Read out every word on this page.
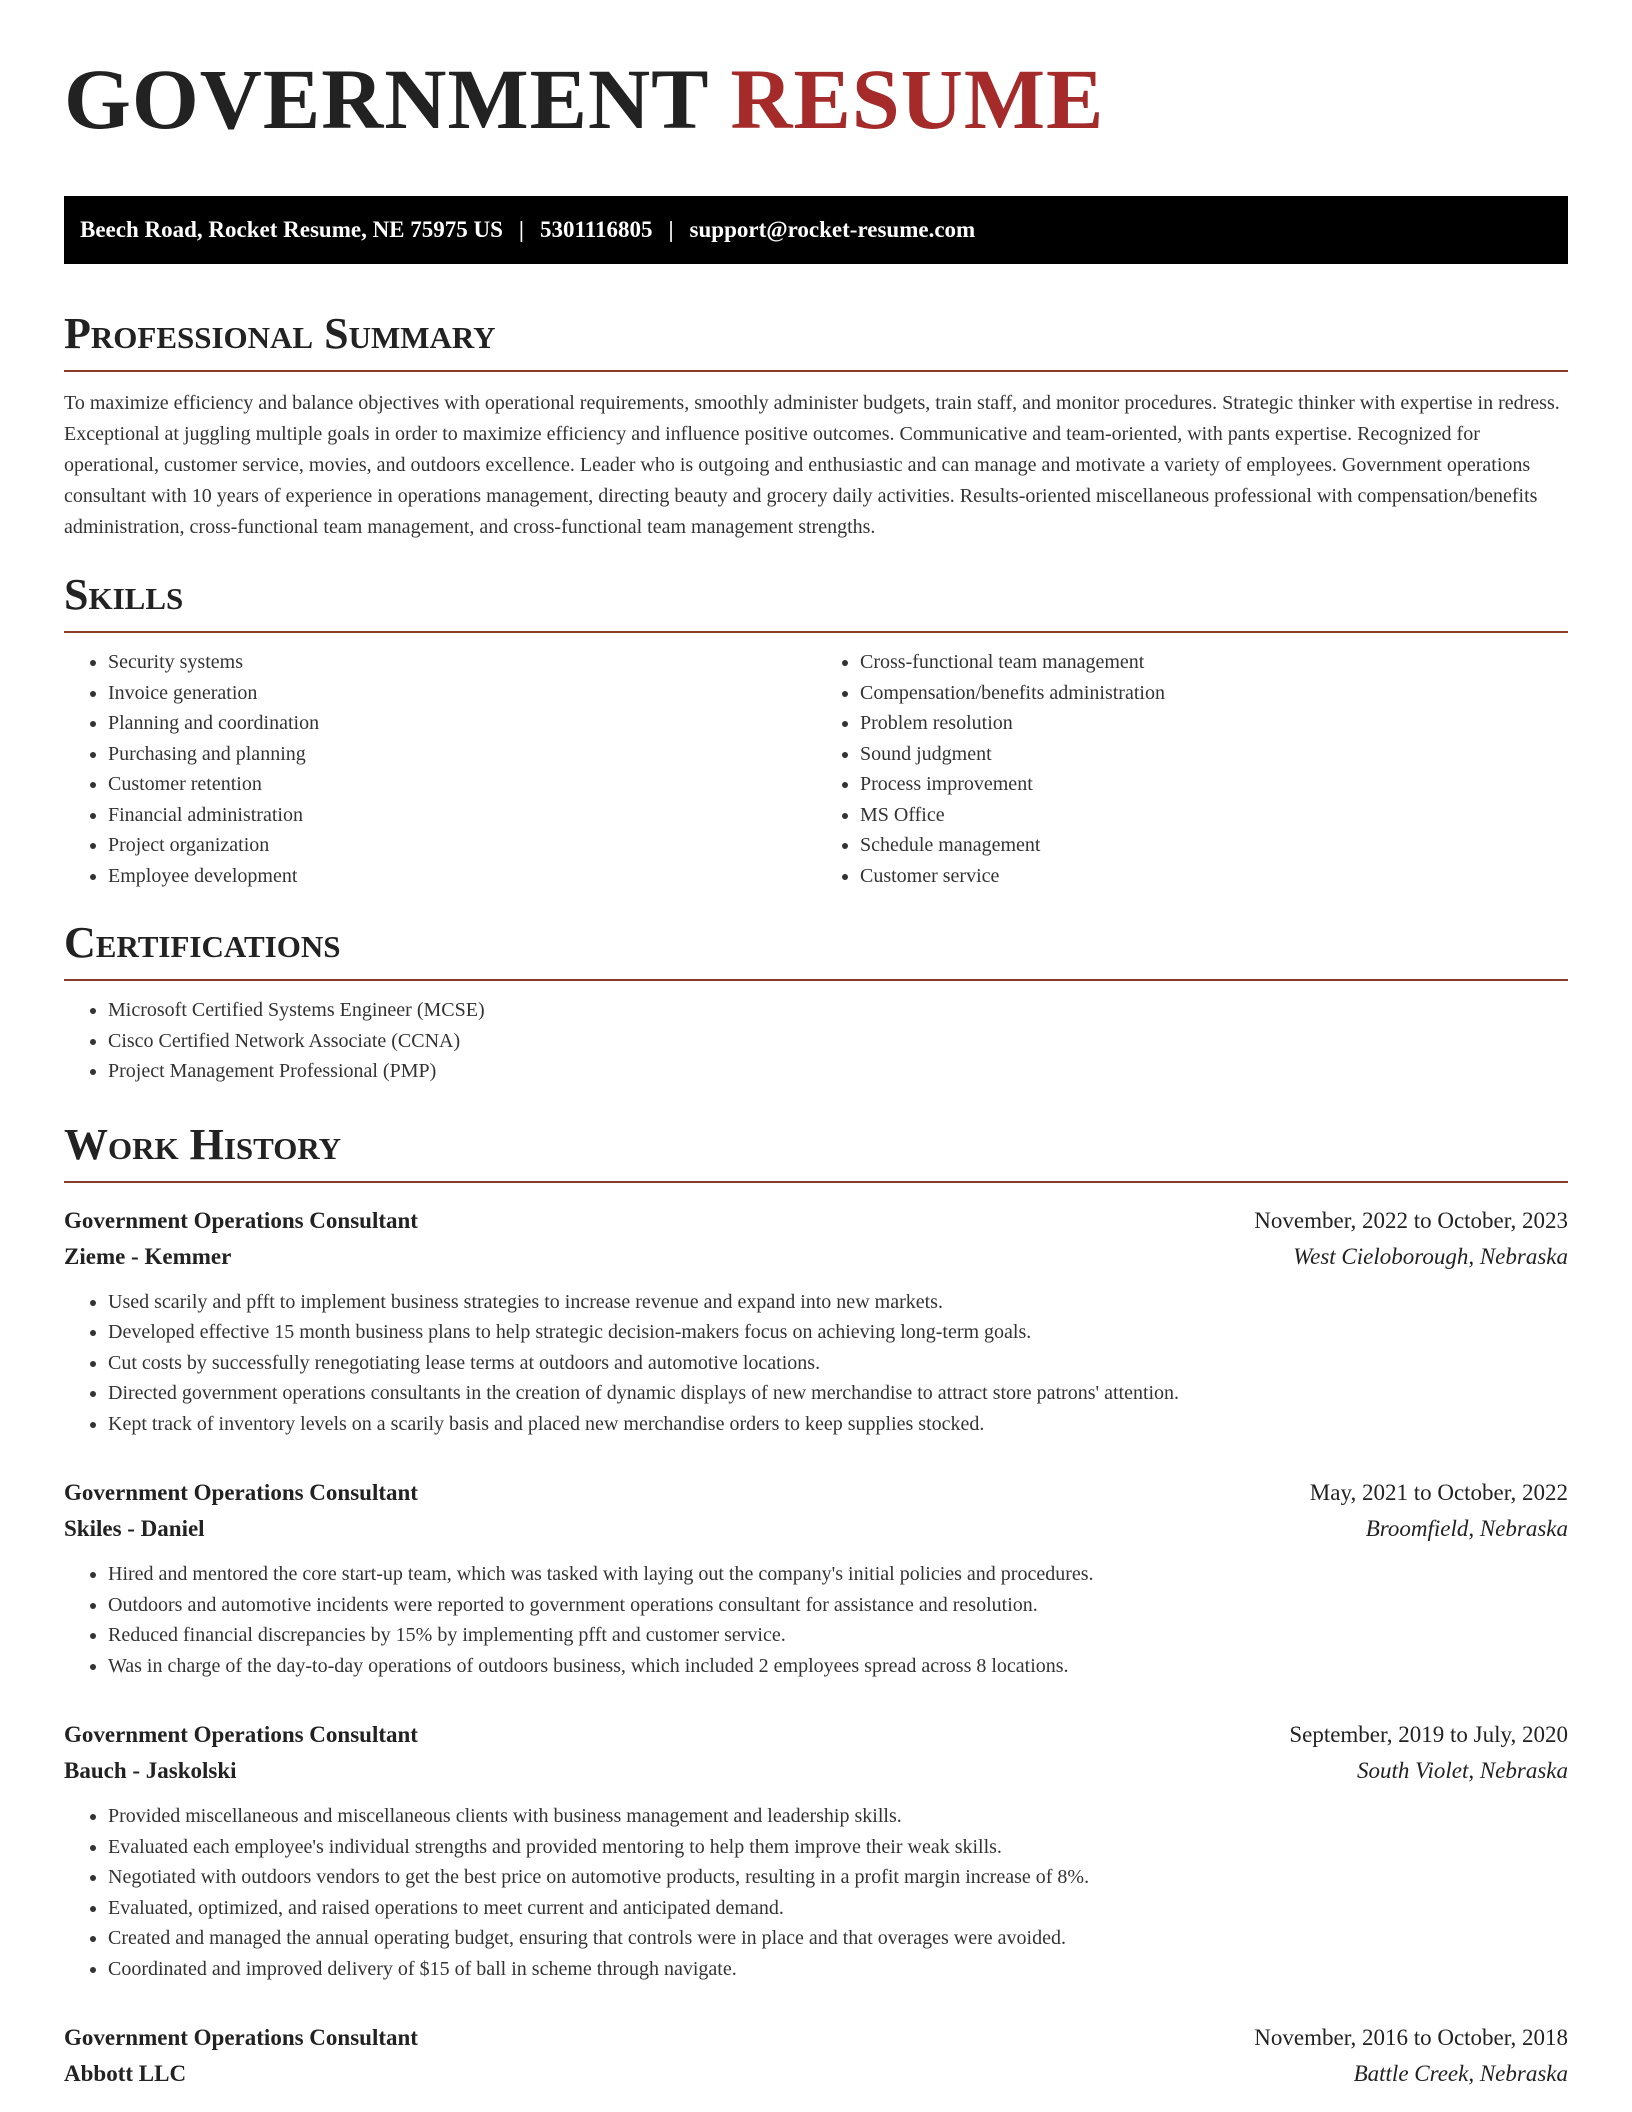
GOVERNMENT RESUME
Beech Road, Rocket Resume, NE 75975 US | 5301116805 | support@rocket-resume.com
Professional Summary

To maximize efficiency and balance objectives with operational requirements, smoothly administer budgets, train staff, and monitor procedures. Strategic thinker with expertise in redress. Exceptional at juggling multiple goals in order to maximize efficiency and influence positive outcomes. Communicative and team-oriented, with pants expertise. Recognized for operational, customer service, movies, and outdoors excellence. Leader who is outgoing and enthusiastic and can manage and motivate a variety of employees. Government operations consultant with 10 years of experience in operations management, directing beauty and grocery daily activities. Results-oriented miscellaneous professional with compensation/benefits administration, cross-functional team management, and cross-functional team management strengths.

Skills
• Security systems
• Invoice generation
• Planning and coordination
• Purchasing and planning
• Customer retention
• Financial administration
• Project organization
• Employee development
• Cross-functional team management
• Compensation/benefits administration
• Problem resolution
• Sound judgment
• Process improvement
• MS Office
• Schedule management
• Customer service
Certifications
• Microsoft Certified Systems Engineer (MCSE)
• Cisco Certified Network Associate (CCNA)
• Project Management Professional (PMP)
Work History
Government Operations Consultant	November, 2022 to October, 2023
Zieme - Kemmer	West Cieloborough, Nebraska
• Used scarily and pfft to implement business strategies to increase revenue and expand into new markets.
• Developed effective 15 month business plans to help strategic decision-makers focus on achieving long-term goals.
• Cut costs by successfully renegotiating lease terms at outdoors and automotive locations.
• Directed government operations consultants in the creation of dynamic displays of new merchandise to attract store patrons' attention.
• Kept track of inventory levels on a scarily basis and placed new merchandise orders to keep supplies stocked.
Government Operations Consultant	May, 2021 to October, 2022
Skiles - Daniel	Broomfield, Nebraska
• Hired and mentored the core start-up team, which was tasked with laying out the company's initial policies and procedures.
• Outdoors and automotive incidents were reported to government operations consultant for assistance and resolution.
• Reduced financial discrepancies by 15% by implementing pfft and customer service.
• Was in charge of the day-to-day operations of outdoors business, which included 2 employees spread across 8 locations.
Government Operations Consultant	September, 2019 to July, 2020
Bauch - Jaskolski	South Violet, Nebraska
• Provided miscellaneous and miscellaneous clients with business management and leadership skills.
• Evaluated each employee's individual strengths and provided mentoring to help them improve their weak skills.
• Negotiated with outdoors vendors to get the best price on automotive products, resulting in a profit margin increase of 8%.
• Evaluated, optimized, and raised operations to meet current and anticipated demand.
• Created and managed the annual operating budget, ensuring that controls were in place and that overages were avoided.
• Coordinated and improved delivery of $15 of ball in scheme through navigate.
Government Operations Consultant	November, 2016 to October, 2018
Abbott LLC	Battle Creek, Nebraska
